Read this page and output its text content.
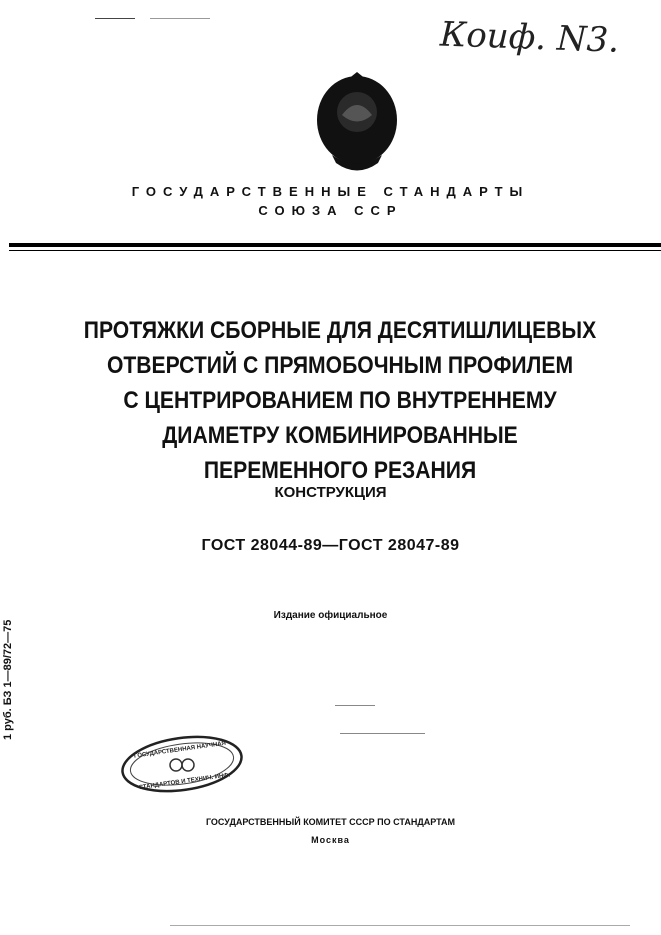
Коиф. N3.
ГОСУДАРСТВЕННЫЕ СТАНДАРТЫ
СОЮЗА ССР
ПРОТЯЖКИ СБОРНЫЕ ДЛЯ ДЕСЯТИШЛИЦЕВЫХ
ОТВЕРСТИЙ С ПРЯМОБОЧНЫМ ПРОФИЛЕМ
С ЦЕНТРИРОВАНИЕМ ПО ВНУТРЕННЕМУ
ДИАМЕТРУ КОМБИНИРОВАННЫЕ
ПЕРЕМЕННОГО РЕЗАНИЯ
КОНСТРУКЦИЯ
ГОСТ 28044-89—ГОСТ 28047-89
Издание официальное
1 руб. БЗ 1—89/72—75
ГОСУДАРСТВЕННАЯ НАУЧНАЯ
СТАНДАРТОВ И ТЕХНИЧ. ИНФ.
ГОСУДАРСТВЕННЫЙ КОМИТЕТ СССР ПО СТАНДАРТАМ
Москва
